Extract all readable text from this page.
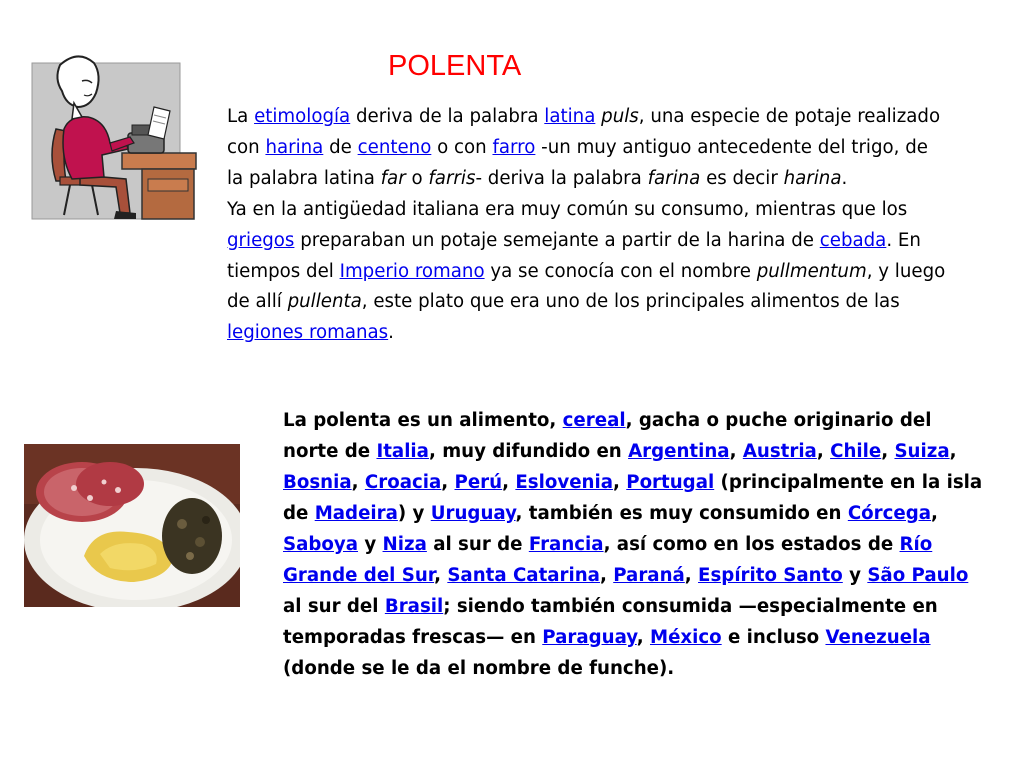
POLENTA
La etimología deriva de la palabra latina puls, una especie de potaje realizado con harina de centeno o con farro -un muy antiguo antecedente del trigo, de la palabra latina far o farris- deriva la palabra farina es decir harina.
Ya en la antigüedad italiana era muy común su consumo, mientras que los griegos preparaban un potaje semejante a partir de la harina de cebada. En tiempos del Imperio romano ya se conocía con el nombre pullmentum, y luego de allí pullenta, este plato que era uno de los principales alimentos de las legiones romanas.
La polenta es un alimento, cereal, gacha o puche originario del norte de Italia, muy difundido en Argentina, Austria, Chile, Suiza, Bosnia, Croacia, Perú, Eslovenia, Portugal (principalmente en la isla de Madeira) y Uruguay, también es muy consumido en Córcega, Saboya y Niza al sur de Francia, así como en los estados de Río Grande del Sur, Santa Catarina, Paraná, Espírito Santo y São Paulo al sur del Brasil; siendo también consumida —especialmente en temporadas frescas— en Paraguay, México e incluso Venezuela (donde se le da el nombre de funche).
